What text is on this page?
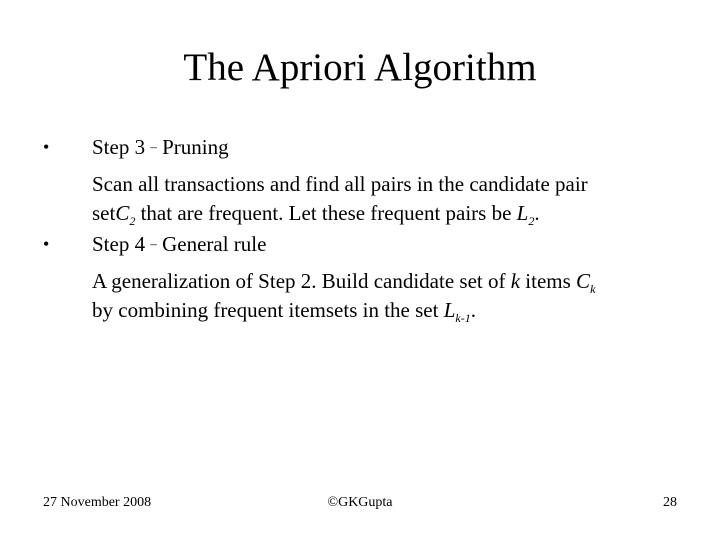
The Apriori Algorithm
• Step 3 – Pruning
Scan all transactions and find all pairs in the candidate pair
setC$_2$ that are frequent. Let these frequent pairs be $L_2$.
• Step 4 – General rule
A generalization of Step 2. Build candidate set of k items $C_k$
by combining frequent itemsets in the set $L_{k-1}$.
27 November 2008	©GKGupta	28
